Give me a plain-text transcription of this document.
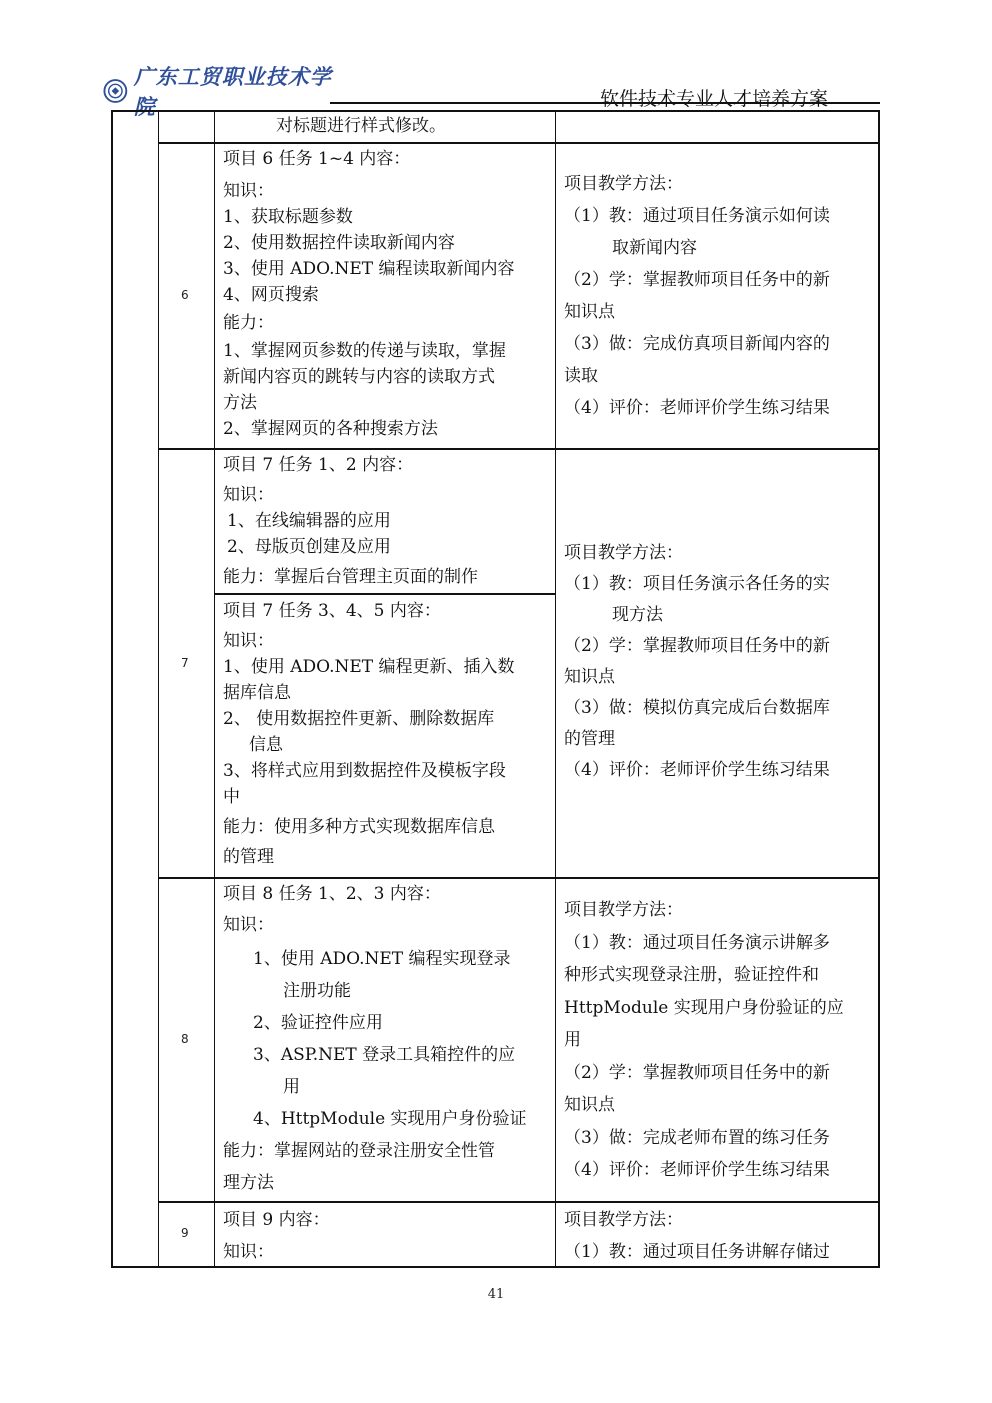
广东工贸职业技术学院	软件技术专业人才培养方案
对标题进行样式修改。
6
项目 6 任务 1~4 内容：
知识：
1、获取标题参数
2、使用数据控件读取新闻内容
3、使用 ADO.NET 编程读取新闻内容
4、网页搜索
能力：
1、掌握网页参数的传递与读取，掌握
新闻内容页的跳转与内容的读取方式
方法
2、掌握网页的各种搜索方法
项目教学方法：
（1）教：通过项目任务演示如何读
取新闻内容
（2）学：掌握教师项目任务中的新
知识点
（3）做：完成仿真项目新闻内容的
读取
（4）评价：老师评价学生练习结果
7
项目 7 任务 1、2 内容：
知识：
1、在线编辑器的应用
2、母版页创建及应用
能力：掌握后台管理主页面的制作
项目 7 任务 3、4、5 内容：
知识：
1、使用 ADO.NET 编程更新、插入数
据库信息
2、 使用数据控件更新、删除数据库
信息
3、将样式应用到数据控件及模板字段
中
能力：使用多种方式实现数据库信息
的管理
项目教学方法：
（1）教：项目任务演示各任务的实
现方法
（2）学：掌握教师项目任务中的新
知识点
（3）做：模拟仿真完成后台数据库
的管理
（4）评价：老师评价学生练习结果
8
项目 8 任务 1、2、3 内容：
知识：
1、使用 ADO.NET 编程实现登录
注册功能
2、验证控件应用
3、ASP.NET 登录工具箱控件的应
用
4、HttpModule 实现用户身份验证
能力：掌握网站的登录注册安全性管
理方法
项目教学方法：
（1）教：通过项目任务演示讲解多
种形式实现登录注册，验证控件和
HttpModule 实现用户身份验证的应
用
（2）学：掌握教师项目任务中的新
知识点
（3）做：完成老师布置的练习任务
（4）评价：老师评价学生练习结果
9
项目 9 内容：
知识：
项目教学方法：
（1）教：通过项目任务讲解存储过
41
